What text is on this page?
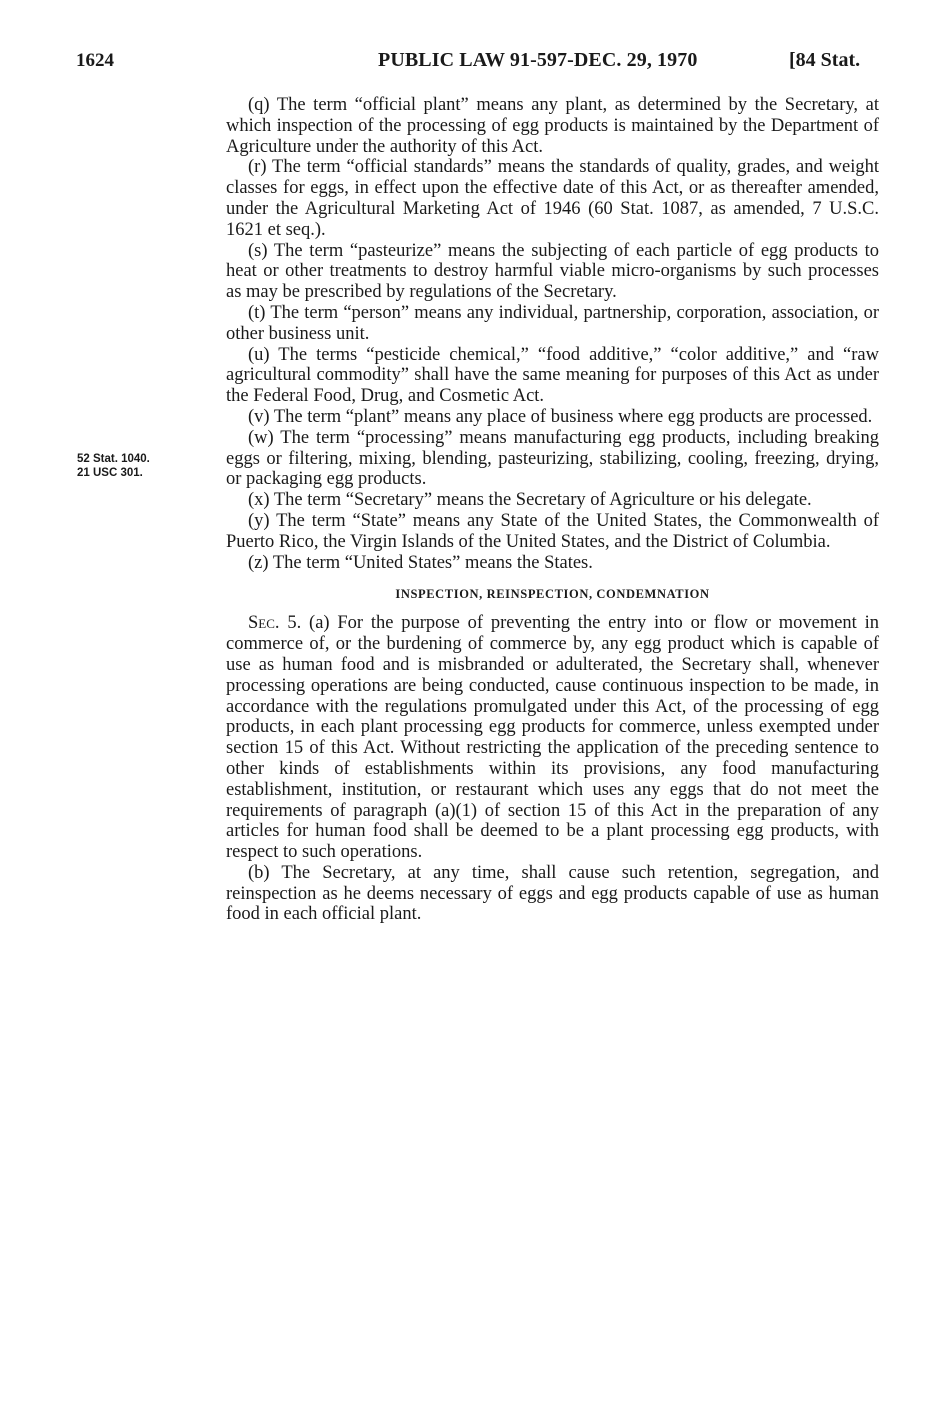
1624	PUBLIC LAW 91-597-DEC. 29, 1970	[84 Stat.
52 Stat. 1040.
21 USC 301.

(q) The term “official plant” means any plant, as determined by the Secretary, at which inspection of the processing of egg products is maintained by the Department of Agriculture under the authority of this Act.

(r) The term “official standards” means the standards of quality, grades, and weight classes for eggs, in effect upon the effective date of this Act, or as thereafter amended, under the Agricultural Marketing Act of 1946 (60 Stat. 1087, as amended, 7 U.S.C. 1621 et seq.).

(s) The term “pasteurize” means the subjecting of each particle of egg products to heat or other treatments to destroy harmful viable micro-organisms by such processes as may be prescribed by regulations of the Secretary.

(t) The term “person” means any individual, partnership, corporation, association, or other business unit.

(u) The terms “pesticide chemical,” “food additive,” “color additive,” and “raw agricultural commodity” shall have the same meaning for purposes of this Act as under the Federal Food, Drug, and Cosmetic Act.

(v) The term “plant” means any place of business where egg products are processed.

(w) The term “processing” means manufacturing egg products, including breaking eggs or filtering, mixing, blending, pasteurizing, stabilizing, cooling, freezing, drying, or packaging egg products.

(x) The term “Secretary” means the Secretary of Agriculture or his delegate.

(y) The term “State” means any State of the United States, the Commonwealth of Puerto Rico, the Virgin Islands of the United States, and the District of Columbia.

(z) The term “United States” means the States.

INSPECTION, REINSPECTION, CONDEMNATION

Sec. 5. (a) For the purpose of preventing the entry into or flow or movement in commerce of, or the burdening of commerce by, any egg product which is capable of use as human food and is misbranded or adulterated, the Secretary shall, whenever processing operations are being conducted, cause continuous inspection to be made, in accordance with the regulations promulgated under this Act, of the processing of egg products, in each plant processing egg products for commerce, unless exempted under section 15 of this Act. Without restricting the application of the preceding sentence to other kinds of establishments within its provisions, any food manufacturing establishment, institution, or restaurant which uses any eggs that do not meet the requirements of paragraph (a)(1) of section 15 of this Act in the preparation of any articles for human food shall be deemed to be a plant processing egg products, with respect to such operations.

(b) The Secretary, at any time, shall cause such retention, segregation, and reinspection as he deems necessary of eggs and egg products capable of use as human food in each official plant.
